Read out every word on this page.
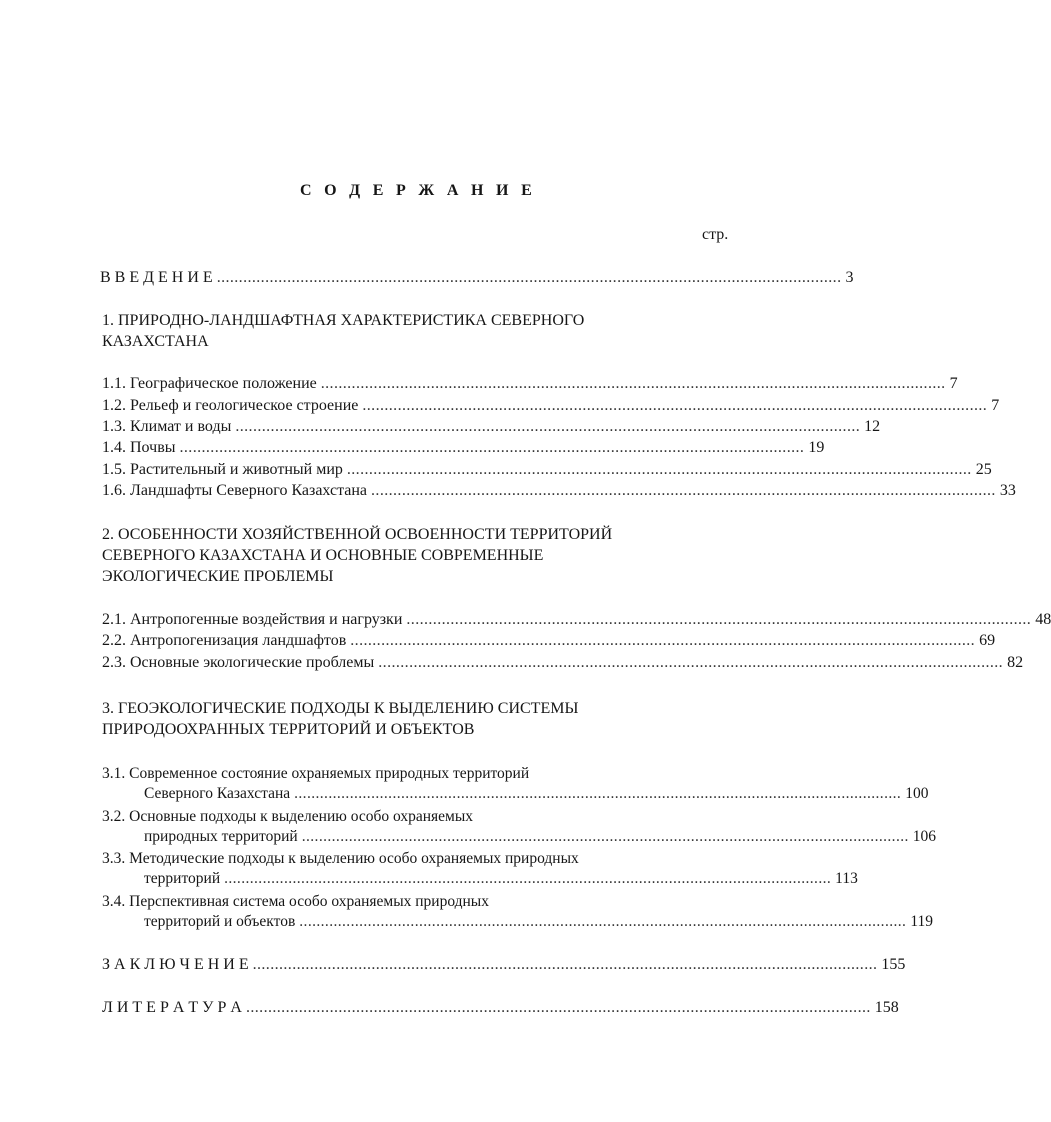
С О Д Е Р Ж А Н И Е
стр.
В В Е Д Е Н И Е .............................................................................................................................................. 3
1. ПРИРОДНО-ЛАНДШАФТНАЯ ХАРАКТЕРИСТИКА СЕВЕРНОГО
КАЗАХСТАНА
1.1. Географическое положение .............................................................................................................................................. 7
1.2. Рельеф и геологическое строение .............................................................................................................................................. 7
1.3. Климат и воды .............................................................................................................................................. 12
1.4. Почвы .............................................................................................................................................. 19
1.5. Растительный и животный мир .............................................................................................................................................. 25
1.6. Ландшафты Северного Казахстана .............................................................................................................................................. 33
2. ОСОБЕННОСТИ ХОЗЯЙСТВЕННОЙ ОСВОЕННОСТИ ТЕРРИТОРИЙ
СЕВЕРНОГО КАЗАХСТАНА И ОСНОВНЫЕ СОВРЕМЕННЫЕ
ЭКОЛОГИЧЕСКИЕ ПРОБЛЕМЫ
2.1. Антропогенные воздействия и нагрузки .............................................................................................................................................. 48
2.2. Антропогенизация ландшафтов .............................................................................................................................................. 69
2.3. Основные экологические проблемы .............................................................................................................................................. 82
3. ГЕОЭКОЛОГИЧЕСКИЕ ПОДХОДЫ К ВЫДЕЛЕНИЮ СИСТЕМЫ
ПРИРОДООХРАННЫХ ТЕРРИТОРИЙ И ОБЪЕКТОВ
3.1. Современное состояние охраняемых природных территорий
Северного Казахстана .............................................................................................................................................. 100
3.2. Основные подходы к выделению особо охраняемых
природных территорий .............................................................................................................................................. 106
3.3. Методические подходы к выделению особо охраняемых природных
территорий .............................................................................................................................................. 113
3.4. Перспективная система особо охраняемых природных
территорий и объектов .............................................................................................................................................. 119
З А К Л Ю Ч Е Н И Е .............................................................................................................................................. 155
Л И Т Е Р А Т У Р А .............................................................................................................................................. 158
